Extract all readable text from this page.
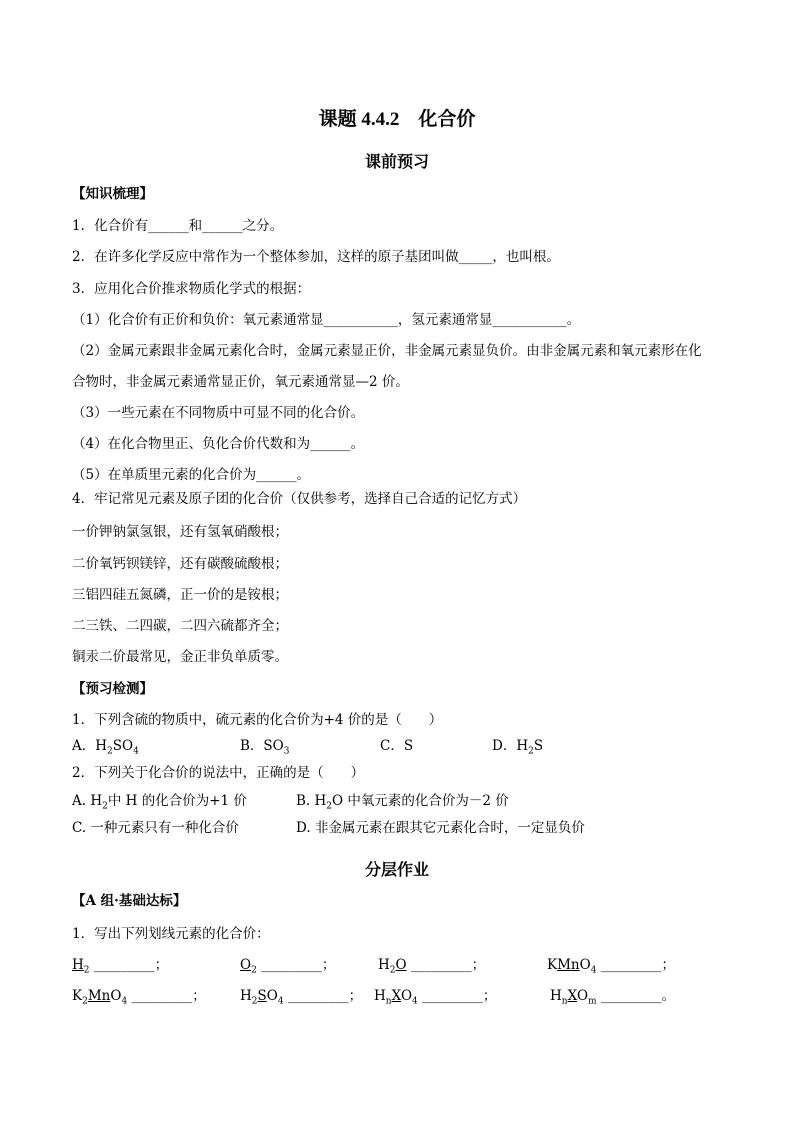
课题 4.4.2　化合价
课前预习
【知识梳理】
1．化合价有______和______之分。
2．在许多化学反应中常作为一个整体参加，这样的原子基团叫做_____，也叫根。
3．应用化合价推求物质化学式的根据：
（1）化合价有正价和负价：氧元素通常显___________，氢元素通常显___________。
（2）金属元素跟非金属元素化合时，金属元素显正价，非金属元素显负价。由非金属元素和氧元素形在化
合物时，非金属元素通常显正价，氧元素通常显—2 价。
（3）一些元素在不同物质中可显不同的化合价。
（4）在化合物里正、负化合价代数和为______。
（5）在单质里元素的化合价为______。
4．牢记常见元素及原子团的化合价（仅供参考，选择自己合适的记忆方式）
一价钾钠氯氢银，还有氢氧硝酸根；
二价氧钙钡镁锌，还有碳酸硫酸根；
三铝四硅五氮磷，正一价的是铵根；
二三铁、二四碳，二四六硫都齐全；
铜汞二价最常见，金正非负单质零。
【预习检测】
1．下列含硫的物质中，硫元素的化合价为+4 价的是（　　）
A．$H_2SO_4$	B．$SO_3$	C．S	D．$H_2S$
2．下列关于化合价的说法中，正确的是（　　）
A. $H_2$中 H 的化合价为+1 价	B. $H_2O$ 中氧元素的化合价为－2 价
C. 一种元素只有一种化合价	D. 非金属元素在跟其它元素化合时，一定显负价
分层作业
【A 组·基础达标】
1．写出下列划线元素的化合价：
$H_2$ _________；	$O_2$ _________；	$H_2O$ _________；	KMnO$_4$ _________；
$K_2MnO_4$ _________；	$H_2SO_4$ _________； $H_nXO_4$ _________；	$H_nXO_m$ _________。
